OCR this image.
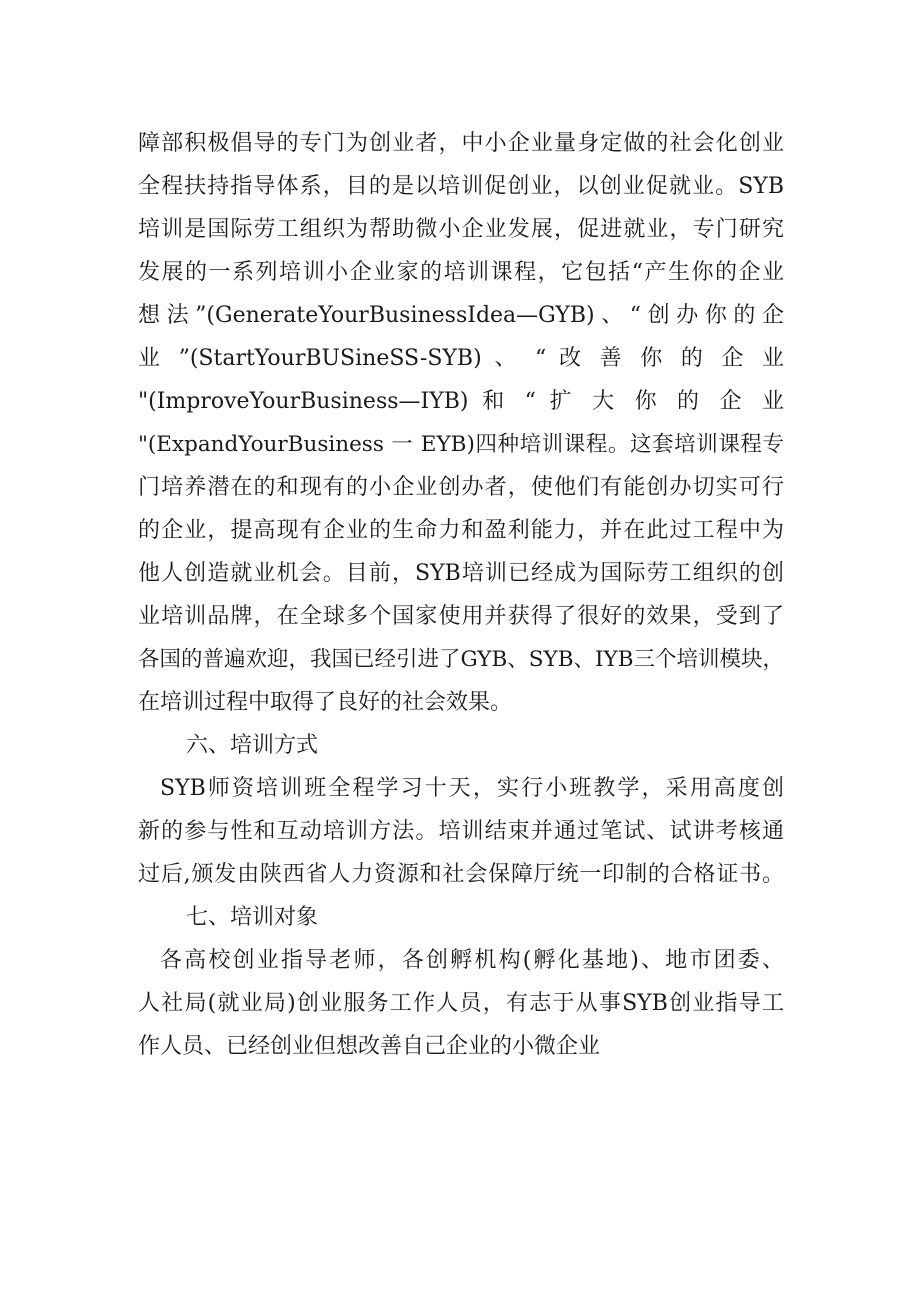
障部积极倡导的专门为创业者，中小企业量身定做的社会化创业
全程扶持指导体系，目的是以培训促创业，以创业促就业。SYB
培训是国际劳工组织为帮助微小企业发展，促进就业，专门研究
发展的一系列培训小企业家的培训课程，它包括“产生你的企业
想法”(GenerateYourBusinessIdea—GYB)、“创办你的企
业 ”(StartYourBUSineSS-SYB) 、 “ 改 善 你 的 企 业
"(ImproveYourBusiness—IYB) 和 “ 扩 大 你 的 企 业
"(ExpandYourBusiness 一 EYB)四种培训课程。这套培训课程专
门培养潜在的和现有的小企业创办者，使他们有能创办切实可行
的企业，提高现有企业的生命力和盈利能力，并在此过工程中为
他人创造就业机会。目前，SYB培训已经成为国际劳工组织的创
业培训品牌，在全球多个国家使用并获得了很好的效果，受到了
各国的普遍欢迎，我国已经引进了GYB、SYB、IYB三个培训模块，
在培训过程中取得了良好的社会效果。
六、培训方式
SYB师资培训班全程学习十天，实行小班教学，采用高度创
新的参与性和互动培训方法。培训结束并通过笔试、试讲考核通
过后,颁发由陕西省人力资源和社会保障厅统一印制的合格证书。
七、培训对象
各高校创业指导老师，各创孵机构(孵化基地)、地市团委、
人社局(就业局)创业服务工作人员，有志于从事SYB创业指导工
作人员、已经创业但想改善自己企业的小微企业
